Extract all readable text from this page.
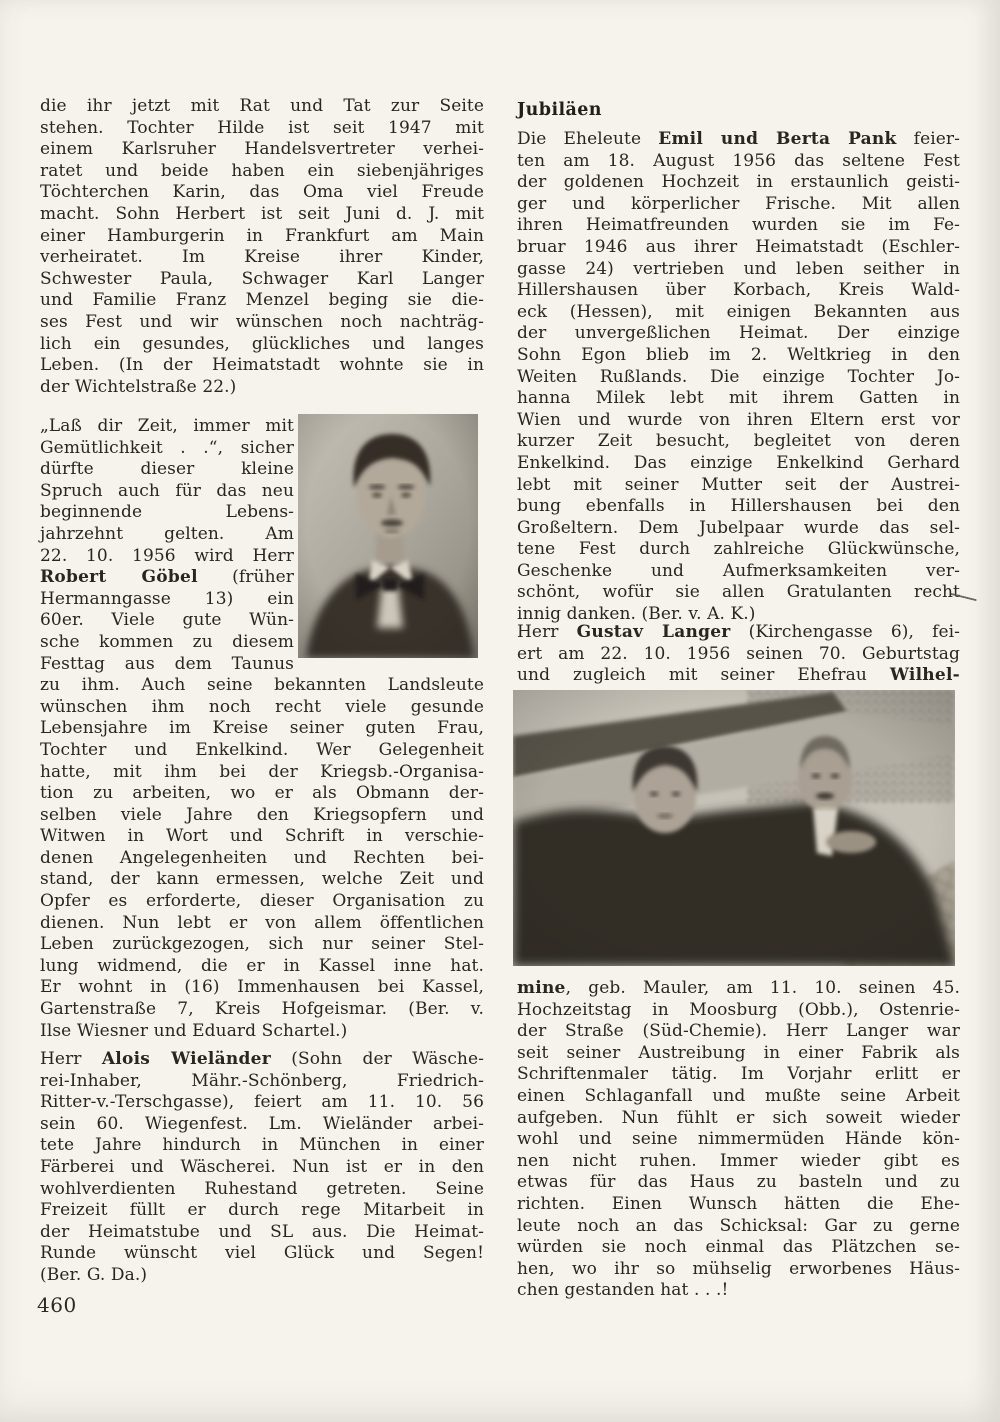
die ihr jetzt mit Rat und Tat zur Seite
stehen. Tochter Hilde ist seit 1947 mit
einem Karlsruher Handelsvertreter verhei-
ratet und beide haben ein siebenjähriges
Töchterchen Karin, das Oma viel Freude
macht. Sohn Herbert ist seit Juni d. J. mit
einer Hamburgerin in Frankfurt am Main
verheiratet. Im Kreise ihrer Kinder,
Schwester Paula, Schwager Karl Langer
und Familie Franz Menzel beging sie die-
ses Fest und wir wünschen noch nachträg-
lich ein gesundes, glückliches und langes
Leben. (In der Heimatstadt wohnte sie in
der Wichtelstraße 22.)
„Laß dir Zeit, immer mit
Gemütlichkeit . .“, sicher
dürfte dieser kleine
Spruch auch für das neu
beginnende Lebens-
jahrzehnt gelten. Am
22. 10. 1956 wird Herr
Robert Göbel (früher
Hermanngasse 13) ein
60er. Viele gute Wün-
sche kommen zu diesem
Festtag aus dem Taunus
zu ihm. Auch seine bekannten Landsleute
wünschen ihm noch recht viele gesunde
Lebensjahre im Kreise seiner guten Frau,
Tochter und Enkelkind. Wer Gelegenheit
hatte, mit ihm bei der Kriegsb.-Organisa-
tion zu arbeiten, wo er als Obmann der-
selben viele Jahre den Kriegsopfern und
Witwen in Wort und Schrift in verschie-
denen Angelegenheiten und Rechten bei-
stand, der kann ermessen, welche Zeit und
Opfer es erforderte, dieser Organisation zu
dienen. Nun lebt er von allem öffentlichen
Leben zurückgezogen, sich nur seiner Stel-
lung widmend, die er in Kassel inne hat.
Er wohnt in (16) Immenhausen bei Kassel,
Gartenstraße 7, Kreis Hofgeismar. (Ber. v.
Ilse Wiesner und Eduard Schartel.)
Herr Alois Wieländer (Sohn der Wäsche-
rei-Inhaber, Mähr.-Schönberg, Friedrich-
Ritter-v.-Terschgasse), feiert am 11. 10. 56
sein 60. Wiegenfest. Lm. Wieländer arbei-
tete Jahre hindurch in München in einer
Färberei und Wäscherei. Nun ist er in den
wohlverdienten Ruhestand getreten. Seine
Freizeit füllt er durch rege Mitarbeit in
der Heimatstube und SL aus. Die Heimat-
Runde wünscht viel Glück und Segen!
(Ber. G. Da.)
460
Jubiläen
Die Eheleute Emil und Berta Pank feier-
ten am 18. August 1956 das seltene Fest
der goldenen Hochzeit in erstaunlich geisti-
ger und körperlicher Frische. Mit allen
ihren Heimatfreunden wurden sie im Fe-
bruar 1946 aus ihrer Heimatstadt (Eschler-
gasse 24) vertrieben und leben seither in
Hillershausen über Korbach, Kreis Wald-
eck (Hessen), mit einigen Bekannten aus
der unvergeßlichen Heimat. Der einzige
Sohn Egon blieb im 2. Weltkrieg in den
Weiten Rußlands. Die einzige Tochter Jo-
hanna Milek lebt mit ihrem Gatten in
Wien und wurde von ihren Eltern erst vor
kurzer Zeit besucht, begleitet von deren
Enkelkind. Das einzige Enkelkind Gerhard
lebt mit seiner Mutter seit der Austrei-
bung ebenfalls in Hillershausen bei den
Großeltern. Dem Jubelpaar wurde das sel-
tene Fest durch zahlreiche Glückwünsche,
Geschenke und Aufmerksamkeiten ver-
schönt, wofür sie allen Gratulanten recht
innig danken. (Ber. v. A. K.)
Herr Gustav Langer (Kirchengasse 6), fei-
ert am 22. 10. 1956 seinen 70. Geburtstag
und zugleich mit seiner Ehefrau Wilhel-
mine, geb. Mauler, am 11. 10. seinen 45.
Hochzeitstag in Moosburg (Obb.), Ostenrie-
der Straße (Süd-Chemie). Herr Langer war
seit seiner Austreibung in einer Fabrik als
Schriftenmaler tätig. Im Vorjahr erlitt er
einen Schlaganfall und mußte seine Arbeit
aufgeben. Nun fühlt er sich soweit wieder
wohl und seine nimmermüden Hände kön-
nen nicht ruhen. Immer wieder gibt es
etwas für das Haus zu basteln und zu
richten. Einen Wunsch hätten die Ehe-
leute noch an das Schicksal: Gar zu gerne
würden sie noch einmal das Plätzchen se-
hen, wo ihr so mühselig erworbenes Häus-
chen gestanden hat . . .!
